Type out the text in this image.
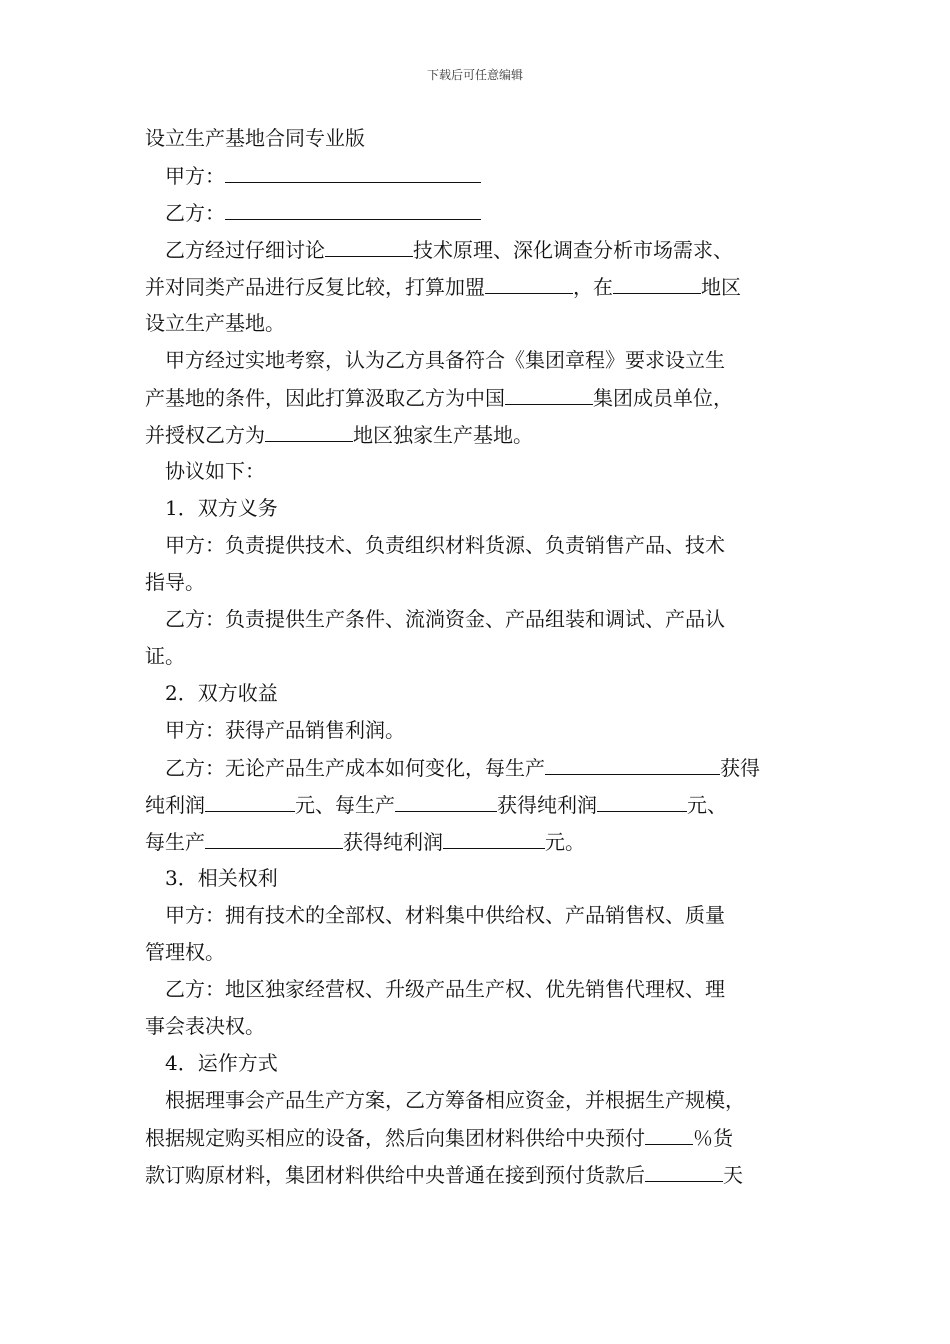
下载后可任意编辑
设立生产基地合同专业版
甲方：
乙方：
乙方经过仔细讨论	技术原理、深化调查分析市场需求、
并对同类产品进行反复比较，打算加盟	，在	地区
设立生产基地。
甲方经过实地考察，认为乙方具备符合《集团章程》要求设立生
产基地的条件，因此打算汲取乙方为中国	集团成员单位，
并授权乙方为	地区独家生产基地。
协议如下：
1．双方义务
甲方：负责提供技术、负责组织材料货源、负责销售产品、技术
指导。
乙方：负责提供生产条件、流淌资金、产品组装和调试、产品认
证。
2．双方收益
甲方：获得产品销售利润。
乙方：无论产品生产成本如何变化，每生产	获得
纯利润	元、每生产	获得纯利润	元、
每生产	获得纯利润	元。
3．相关权利
甲方：拥有技术的全部权、材料集中供给权、产品销售权、质量
管理权。
乙方：地区独家经营权、升级产品生产权、优先销售代理权、理
事会表决权。
4．运作方式
根据理事会产品生产方案，乙方筹备相应资金，并根据生产规模，
根据规定购买相应的设备，然后向集团材料供给中央预付 ％货
款订购原材料，集团材料供给中央普通在接到预付货款后	天
